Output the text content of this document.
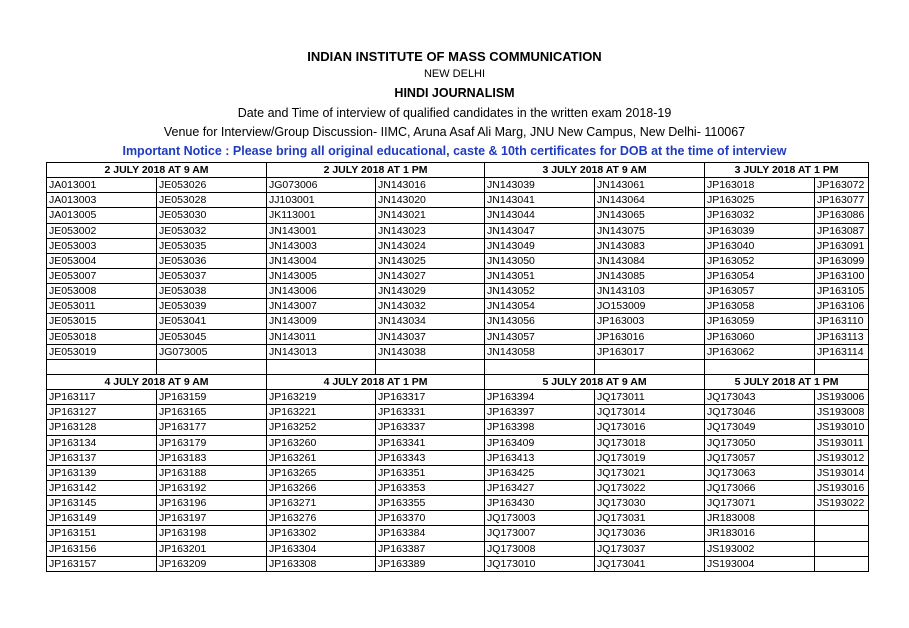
INDIAN INSTITUTE OF MASS COMMUNICATION
NEW DELHI
HINDI JOURNALISM
Date and Time of interview of qualified candidates in the written exam 2018-19
Venue for Interview/Group Discussion- IIMC, Aruna Asaf Ali Marg, JNU New Campus, New Delhi- 110067
Important Notice : Please bring all original educational, caste & 10th certificates for DOB at the time of interview
2 JULY 2018 AT 9 AM		2 JULY 2018 AT 1 PM		3 JULY 2018 AT 9 AM		3 JULY 2018 AT 1 PM	
JA013001	JE053026	JG073006	JN143016	JN143039	JN143061	JP163018	JP163072
JA013003	JE053028	JJ103001	JN143020	JN143041	JN143064	JP163025	JP163077
JA013005	JE053030	JK113001	JN143021	JN143044	JN143065	JP163032	JP163086
JE053002	JE053032	JN143001	JN143023	JN143047	JN143075	JP163039	JP163087
JE053003	JE053035	JN143003	JN143024	JN143049	JN143083	JP163040	JP163091
JE053004	JE053036	JN143004	JN143025	JN143050	JN143084	JP163052	JP163099
JE053007	JE053037	JN143005	JN143027	JN143051	JN143085	JP163054	JP163100
JE053008	JE053038	JN143006	JN143029	JN143052	JN143103	JP163057	JP163105
JE053011	JE053039	JN143007	JN143032	JN143054	JO153009	JP163058	JP163106
JE053015	JE053041	JN143009	JN143034	JN143056	JP163003	JP163059	JP163110
JE053018	JE053045	JN143011	JN143037	JN143057	JP163016	JP163060	JP163113
JE053019	JG073005	JN143013	JN143038	JN143058	JP163017	JP163062	JP163114

4 JULY 2018 AT 9 AM		4 JULY 2018 AT 1 PM		5 JULY 2018 AT 9 AM		5 JULY 2018 AT 1 PM	
JP163117	JP163159	JP163219	JP163317	JP163394	JQ173011	JQ173043	JS193006
JP163127	JP163165	JP163221	JP163331	JP163397	JQ173014	JQ173046	JS193008
JP163128	JP163177	JP163252	JP163337	JP163398	JQ173016	JQ173049	JS193010
JP163134	JP163179	JP163260	JP163341	JP163409	JQ173018	JQ173050	JS193011
JP163137	JP163183	JP163261	JP163343	JP163413	JQ173019	JQ173057	JS193012
JP163139	JP163188	JP163265	JP163351	JP163425	JQ173021	JQ173063	JS193014
JP163142	JP163192	JP163266	JP163353	JP163427	JQ173022	JQ173066	JS193016
JP163145	JP163196	JP163271	JP163355	JP163430	JQ173030	JQ173071	JS193022
JP163149	JP163197	JP163276	JP163370	JQ173003	JQ173031	JR183008	
JP163151	JP163198	JP163302	JP163384	JQ173007	JQ173036	JR183016	
JP163156	JP163201	JP163304	JP163387	JQ173008	JQ173037	JS193002	
JP163157	JP163209	JP163308	JP163389	JQ173010	JQ173041	JS193004	
